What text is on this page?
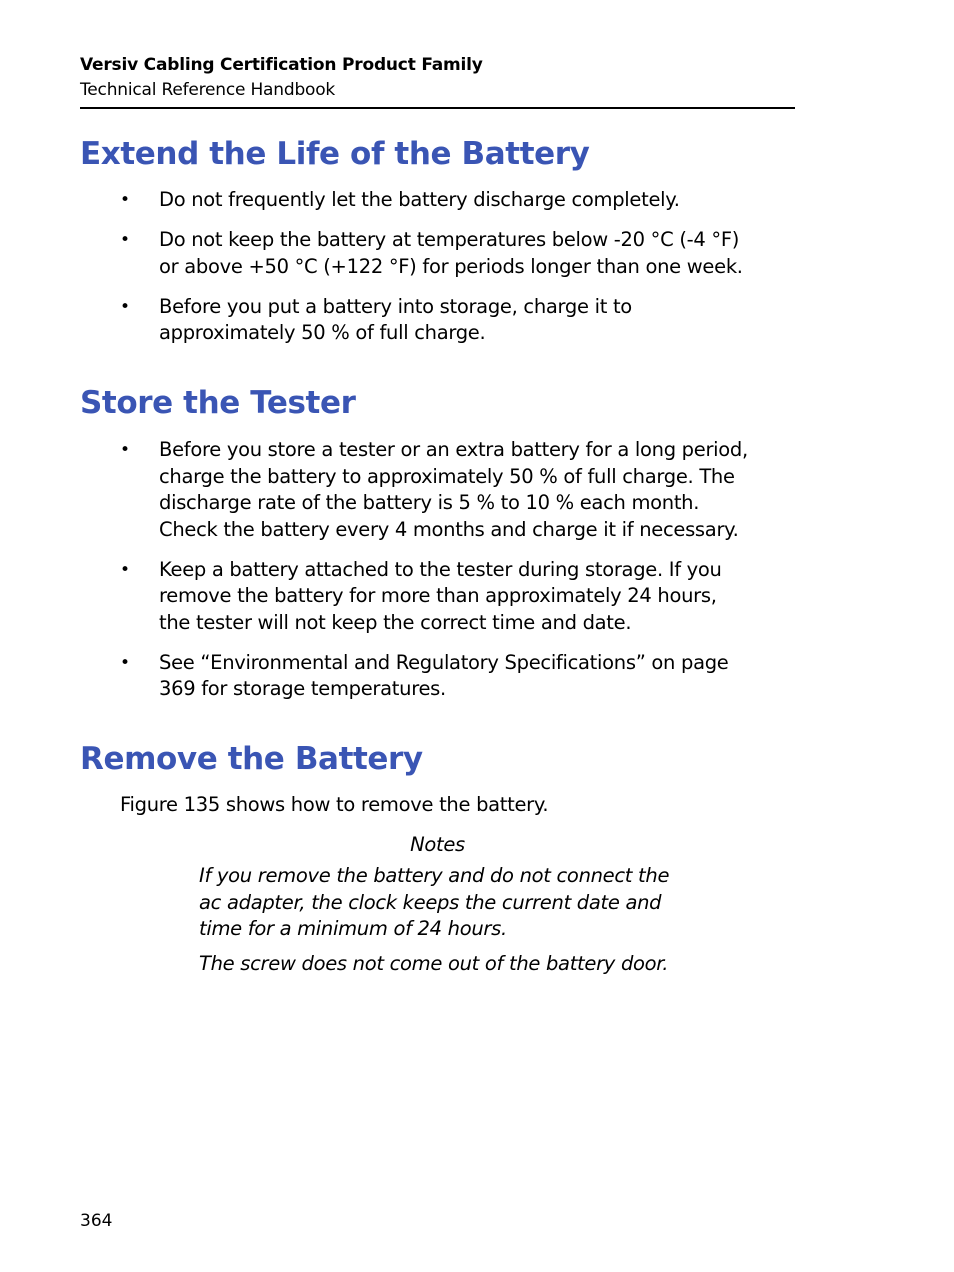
Versiv Cabling Certification Product Family
Technical Reference Handbook
Extend the Life of the Battery
• Do not frequently let the battery discharge completely.
• Do not keep the battery at temperatures below -20 °C (-4 °F)
or above +50 °C (+122 °F) for periods longer than one week.
• Before you put a battery into storage, charge it to
approximately 50 % of full charge.
Store the Tester
• Before you store a tester or an extra battery for a long period,
charge the battery to approximately 50 % of full charge. The
discharge rate of the battery is 5 % to 10 % each month.
Check the battery every 4 months and charge it if necessary.
• Keep a battery attached to the tester during storage. If you
remove the battery for more than approximately 24 hours,
the tester will not keep the correct time and date.
• See “Environmental and Regulatory Specifications” on page
369 for storage temperatures.
Remove the Battery
Figure 135 shows how to remove the battery.
Notes
If you remove the battery and do not connect the
ac adapter, the clock keeps the current date and
time for a minimum of 24 hours.
The screw does not come out of the battery door.
364
